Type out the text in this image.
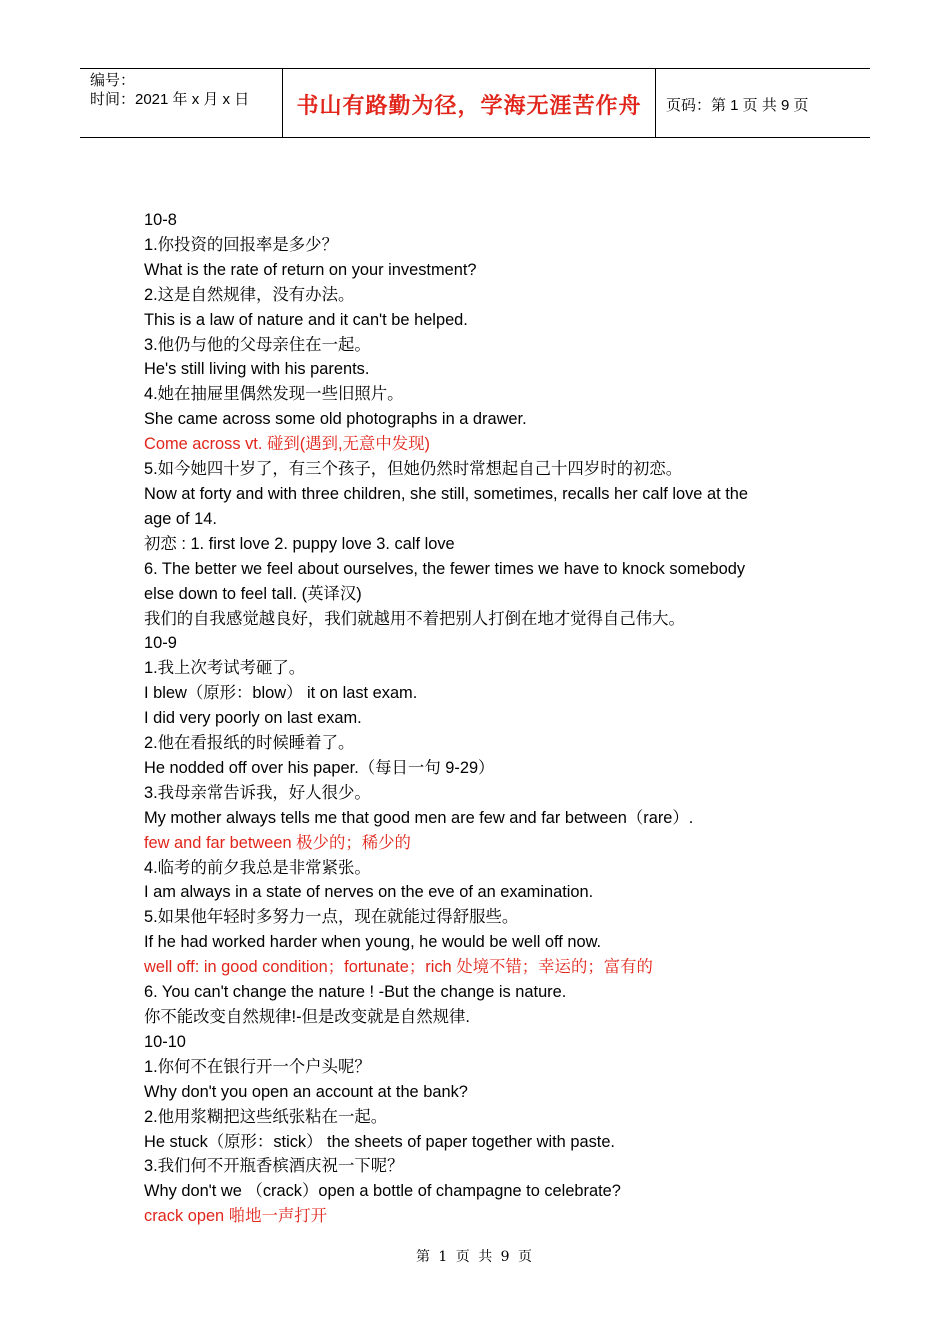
编号：
时间：2021 年 x 月 x 日	书山有路勤为径，学海无涯苦作舟	页码：第 1 页 共 9 页
10-8
1.你投资的回报率是多少？
What is the rate of return on your investment?
2.这是自然规律，没有办法。
This is a law of nature and it can't be helped.
3.他仍与他的父母亲住在一起。
He's still living with his parents.
4.她在抽屉里偶然发现一些旧照片。
She came across some old photographs in a drawer.
Come across vt. 碰到(遇到,无意中发现)
5.如今她四十岁了，有三个孩子，但她仍然时常想起自己十四岁时的初恋。
Now at forty and with three children, she still, sometimes, recalls her calf love at the
age of 14.
初恋 : 1. first love 2. puppy love 3. calf love
6. The better we feel about ourselves, the fewer times we have to knock somebody
else down to feel tall. (英译汉)
我们的自我感觉越良好，我们就越用不着把别人打倒在地才觉得自己伟大。
10-9
1.我上次考试考砸了。
I blew（原形：blow） it on last exam.
I did very poorly on last exam.
2.他在看报纸的时候睡着了。
He nodded off over his paper.（每日一句 9-29）
3.我母亲常告诉我，好人很少。
My mother always tells me that good men are few and far between（rare）.
few and far between 极少的；稀少的
4.临考的前夕我总是非常紧张。
I am always in a state of nerves on the eve of an examination.
5.如果他年轻时多努力一点，现在就能过得舒服些。
If he had worked harder when young, he would be well off now.
well off: in good condition；fortunate；rich 处境不错；幸运的；富有的
6. You can't change the nature ! -But the change is nature.
你不能改变自然规律!-但是改变就是自然规律.
10-10
1.你何不在银行开一个户头呢？
Why don't you open an account at the bank?
2.他用浆糊把这些纸张粘在一起。
He stuck（原形：stick） the sheets of paper together with paste.
3.我们何不开瓶香槟酒庆祝一下呢？
Why don't we （crack）open a bottle of champagne to celebrate?
crack open 啪地一声打开
第 1 页 共 9 页
